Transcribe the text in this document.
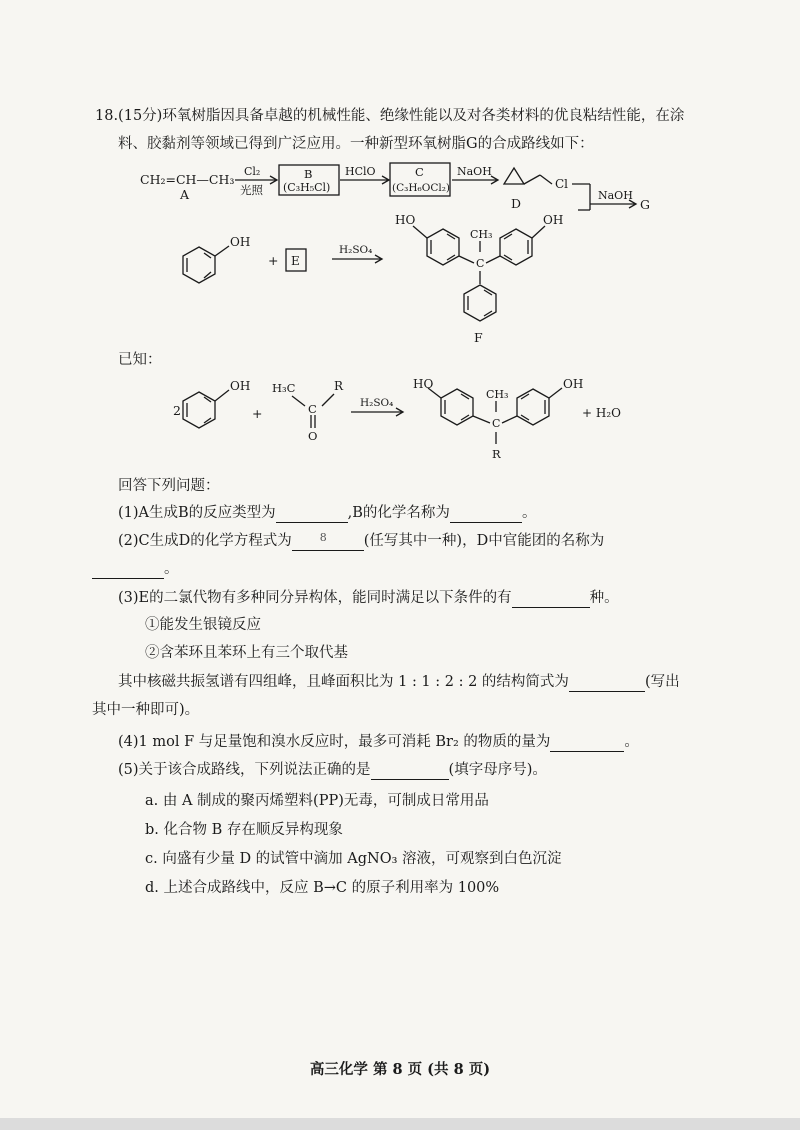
18.(15分)环氧树脂因具备卓越的机械性能、绝缘性能以及对各类材料的优良粘结性能，在涂
料、胶黏剂等领域已得到广泛应用。一种新型环氧树脂G的合成路线如下：
CH₂=CH—CH₃
A
Cl₂
光照
B
(C₃H₅Cl)
HClO	C
(C₃H₆OCl₂)
NaOH
Cl
D
NaOH
G
OH
+ E
H₂SO₄
HO	OH
CH₃
C
F
2
OH
+
H₃C	R
C
O
H₂SO₄
HO	OH
CH₃
C
R
+ H₂O
已知：
回答下列问题：
(1)A生成B的反应类型为	,B的化学名称为	。
(2)C生成D的化学方程式为	8	(任写其中一种)，D中官能团的名称为
。
(3)E的二氯代物有多种同分异构体，能同时满足以下条件的有	种。
①能发生银镜反应
②含苯环且苯环上有三个取代基
其中核磁共振氢谱有四组峰，且峰面积比为 1 : 1 : 2 : 2 的结构简式为	(写出
其中一种即可)。
(4)1 mol F 与足量饱和溴水反应时，最多可消耗 Br₂ 的物质的量为	。
(5)关于该合成路线，下列说法正确的是	(填字母序号)。
a. 由 A 制成的聚丙烯塑料(PP)无毒，可制成日常用品
b. 化合物 B 存在顺反异构现象
c. 向盛有少量 D 的试管中滴加 AgNO₃ 溶液，可观察到白色沉淀
d. 上述合成路线中，反应 B→C 的原子利用率为 100%
高三化学 第 8 页 (共 8 页)
